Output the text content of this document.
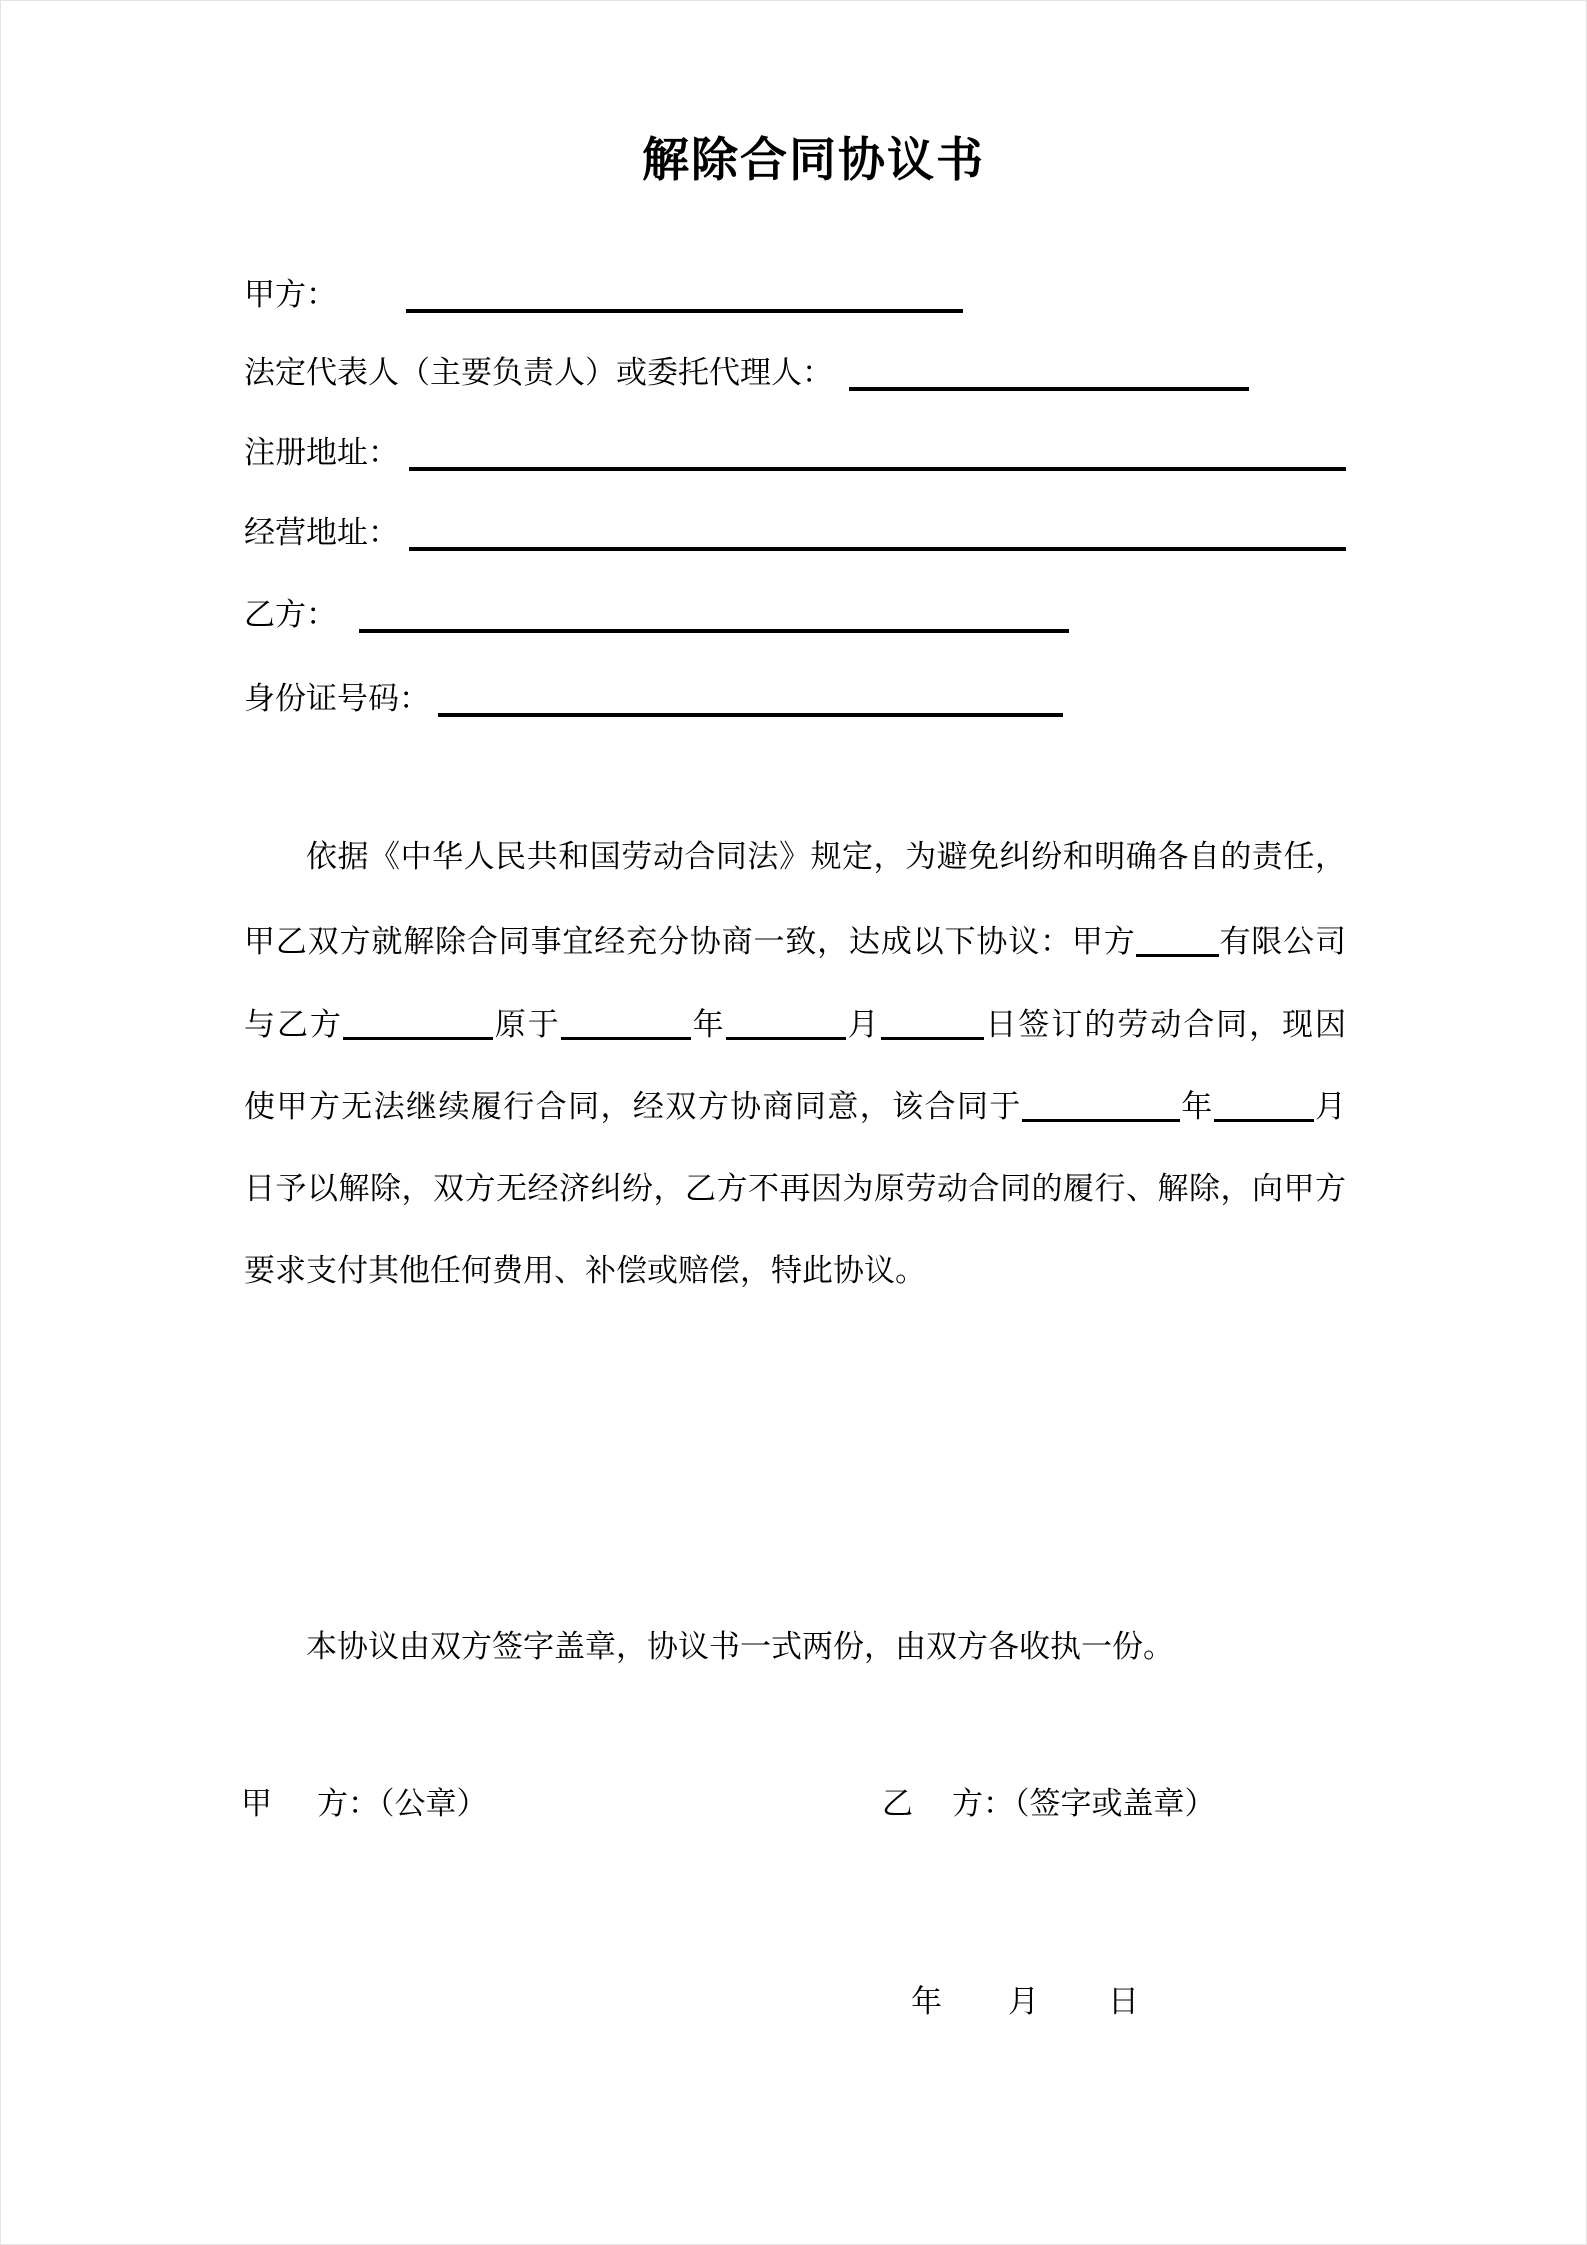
解除合同协议书
甲方：
法定代表人（主要负责人）或委托代理人：
注册地址：
经营地址：
乙方：
身份证号码：
依据《中华人民共和国劳动合同法》规定，为避免纠纷和明确各自的责任，
甲乙双方就解除合同事宜经充分协商一致，达成以下协议：甲方	有限公司
与乙方	原于	年	月	日签订的劳动合同，现因
使甲方无法继续履行合同，经双方协商同意，该合同于	年	月
日予以解除，双方无经济纠纷，乙方不再因为原劳动合同的履行、解除，向甲方
要求支付其他任何费用、补偿或赔偿，特此协议。
本协议由双方签字盖章，协议书一式两份，由双方各收执一份。
甲 方：（公章）	乙 方：（签字或盖章）
年 月 日
